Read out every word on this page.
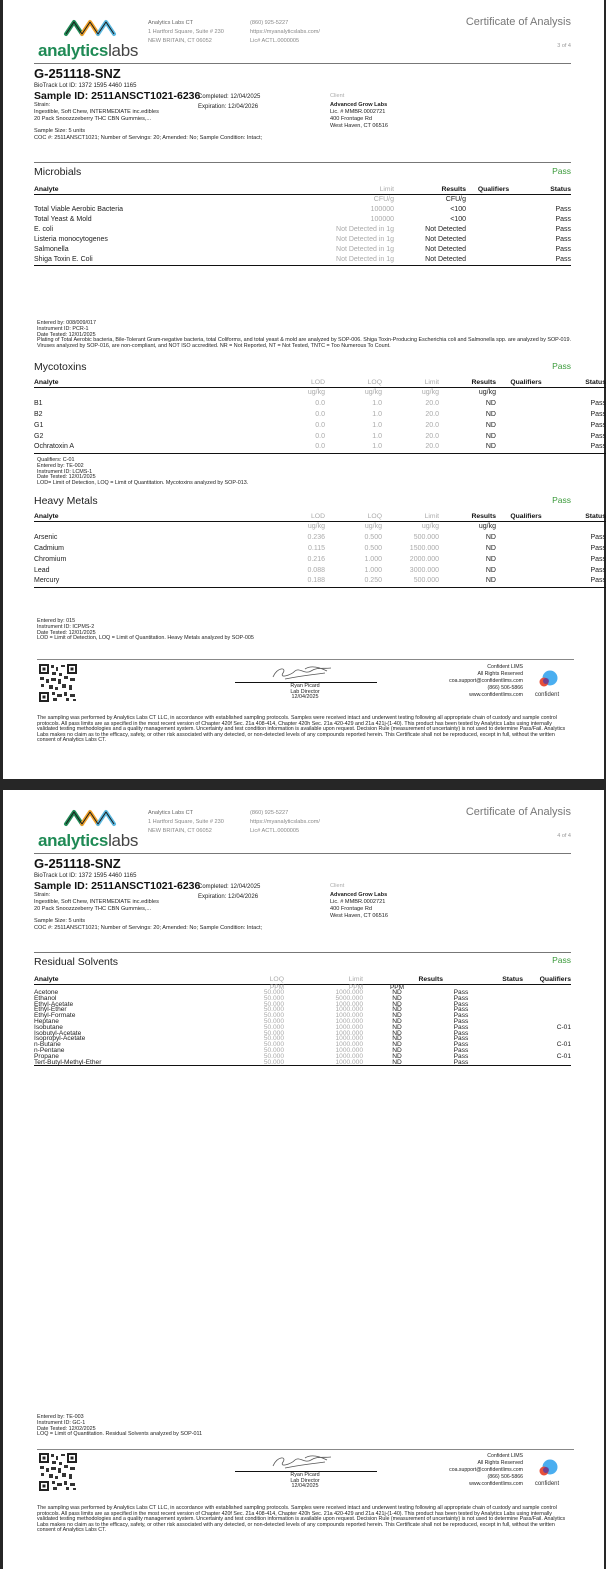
analyticslabs
Analytics Labs CT
1 Hartford Square, Suite # 230
NEW BRITAIN, CT 06052
(860) 925-5227
https://myanalyticslabs.com/
Lic# ACTL.0000005
Certificate of Analysis
3 of 4
G-251118-SNZ
BioTrack Lot ID: 1372 1595 4460 1165
Sample ID: 2511ANSCT1021-6236
Completed: 12/04/2025
Expiration: 12/04/2026
Strain:
Ingestible, Soft Chew, INTERMEDIATE inc.edibles
20 Pack Snoozzzeberry THC CBN Gummies,...
Client
Advanced Grow Labs
Lic. # MMBR.0002721
400 Frontage Rd
West Haven, CT 06516
Sample Size: 5 units
COC #: 2511ANSCT1021; Number of Servings: 20; Amended: No; Sample Condition: Intact;
Microbials	Pass
Analyte	Limit	Results	Qualifiers	Status
	CFU/g	CFU/g		
Total Viable Aerobic Bacteria	100000	<100		Pass
Total Yeast & Mold	100000	<100		Pass
E. coli	Not Detected in 1g	Not Detected		Pass
Listeria monocytogenes	Not Detected in 1g	Not Detected		Pass
Salmonella	Not Detected in 1g	Not Detected		Pass
Shiga Toxin E. Coli	Not Detected in 1g	Not Detected		Pass
Entered by: 008/009/017
Instrument ID: PCR-1
Date Tested: 12/01/2025
Plating of Total Aerobic bacteria, Bile-Tolerant Gram-negative bacteria, total Coliforms, and total yeast & mold are analyzed by SOP-006. Shiga Toxin-Producing Escherichia coli and Salmonella spp. are analyzed by SOP-019. Viruses analyzed by SOP-016, are non-compliant, and NOT ISO accredited. NR = Not Reported, NT = Not Tested, TNTC = Too Numerous To Count.
Mycotoxins	Pass
Analyte	LOD	LOQ	Limit	Results	Qualifiers	Status
	ug/kg	ug/kg	ug/kg	ug/kg		
B1	0.0	1.0	20.0	ND		Pass
B2	0.0	1.0	20.0	ND		Pass
G1	0.0	1.0	20.0	ND		Pass
G2	0.0	1.0	20.0	ND		Pass
Ochratoxin A	0.0	1.0	20.0	ND		Pass
Qualifiers: C-01
Entered by: TE-002
Instrument ID: LCMS-1
Date Tested: 12/01/2025
LOD= Limit of Detection, LOQ = Limit of Quantitation. Mycotoxins analyzed by SOP-013.
Heavy Metals	Pass
Analyte	LOD	LOQ	Limit	Results	Qualifiers	Status
	ug/kg	ug/kg	ug/kg	ug/kg		
Arsenic	0.236	0.500	500.000	ND		Pass
Cadmium	0.115	0.500	1500.000	ND		Pass
Chromium	0.216	1.000	2000.000	ND		Pass
Lead	0.088	1.000	3000.000	ND		Pass
Mercury	0.188	0.250	500.000	ND		Pass
Entered by: 015
Instrument ID: ICPMS-2
Date Tested: 12/01/2025
LOD = Limit of Detection, LOQ = Limit of Quantitation. Heavy Metals analyzed by SOP-005
Ryan Picard
Lab Director
12/04/2025
Confident LIMS
All Rights Reserved
coa.support@confidentlims.com
(866) 506-5866
www.confidentlims.com	confident
The sampling was performed by Analytics Labs CT LLC, in accordance with established sampling protocols. Samples were received intact and underwent testing following all appropriate chain of custody and sample control protocols. All pass limits are as specified in the most recent version of Chapter 420f Sec. 21a 408-414, Chapter 420h Sec. 21a 420-429 and 21a 421j-(1-40). This product has been tested by Analytics Labs using internally validated testing methodologies and a quality management system. Uncertainty and test condition information is available upon request. Decision Rule (measurement of uncertainty) is not used to determine Pass/Fail. Analytics Labs makes no claim as to the efficacy, safety, or other risk associated with any detected, or non-detected levels of any compounds reported herein. This Certificate shall not be reproduced, except in full, without the written consent of Analytics Labs CT.
analyticslabs
Analytics Labs CT
1 Hartford Square, Suite # 230
NEW BRITAIN, CT 06052
(860) 925-5227
https://myanalyticslabs.com/
Lic# ACTL.0000005
Certificate of Analysis
4 of 4
G-251118-SNZ
BioTrack Lot ID: 1372 1595 4460 1165
Sample ID: 2511ANSCT1021-6236
Completed: 12/04/2025
Expiration: 12/04/2026
Strain:
Ingestible, Soft Chew, INTERMEDIATE inc.edibles
20 Pack Snoozzzeberry THC CBN Gummies,...
Client
Advanced Grow Labs
Lic. # MMBR.0002721
400 Frontage Rd
West Haven, CT 06516
Sample Size: 5 units
COC #: 2511ANSCT1021; Number of Servings: 20; Amended: No; Sample Condition: Intact;
Residual Solvents	Pass
Analyte	LOQ	Limit	Results	Status	Qualifiers
	PPM	PPM	PPM		
Acetone	50.000	1000.000	ND	Pass	
Ethanol	50.000	5000.000	ND	Pass	
Ethyl-Acetate	50.000	1000.000	ND	Pass	
Ethyl-Ether	50.000	1000.000	ND	Pass	
Ethyl-Formate	50.000	1000.000	ND	Pass	
Heptane	50.000	1000.000	ND	Pass	
Isobutane	50.000	1000.000	ND	Pass	C-01
Isobutyl-Acetate	50.000	1000.000	ND	Pass	
Isopropyl-Acetate	50.000	1000.000	ND	Pass	
n-Butane	50.000	1000.000	ND	Pass	C-01
n-Pentane	50.000	1000.000	ND	Pass	
Propane	50.000	1000.000	ND	Pass	C-01
Tert-Butyl-Methyl-Ether	50.000	1000.000	ND	Pass	
Entered by: TE-003
Instrument ID: GC-1
Date Tested: 12/02/2025
LOQ = Limit of Quantitation. Residual Solvents analyzed by SOP-011
Ryan Picard
Lab Director
12/04/2025
Confident LIMS
All Rights Reserved
coa.support@confidentlims.com
(866) 506-5866
www.confidentlims.com	confident
The sampling was performed by Analytics Labs CT LLC, in accordance with established sampling protocols. Samples were received intact and underwent testing following all appropriate chain of custody and sample control protocols. All pass limits are as specified in the most recent version of Chapter 420f Sec. 21a 408-414, Chapter 420h Sec. 21a 420-429 and 21a 421j-(1-40). This product has been tested by Analytics Labs using internally validated testing methodologies and a quality management system. Uncertainty and test condition information is available upon request. Decision Rule (measurement of uncertainty) is not used to determine Pass/Fail. Analytics Labs makes no claim as to the efficacy, safety, or other risk associated with any detected, or non-detected levels of any compounds reported herein. This Certificate shall not be reproduced, except in full, without the written consent of Analytics Labs CT.
